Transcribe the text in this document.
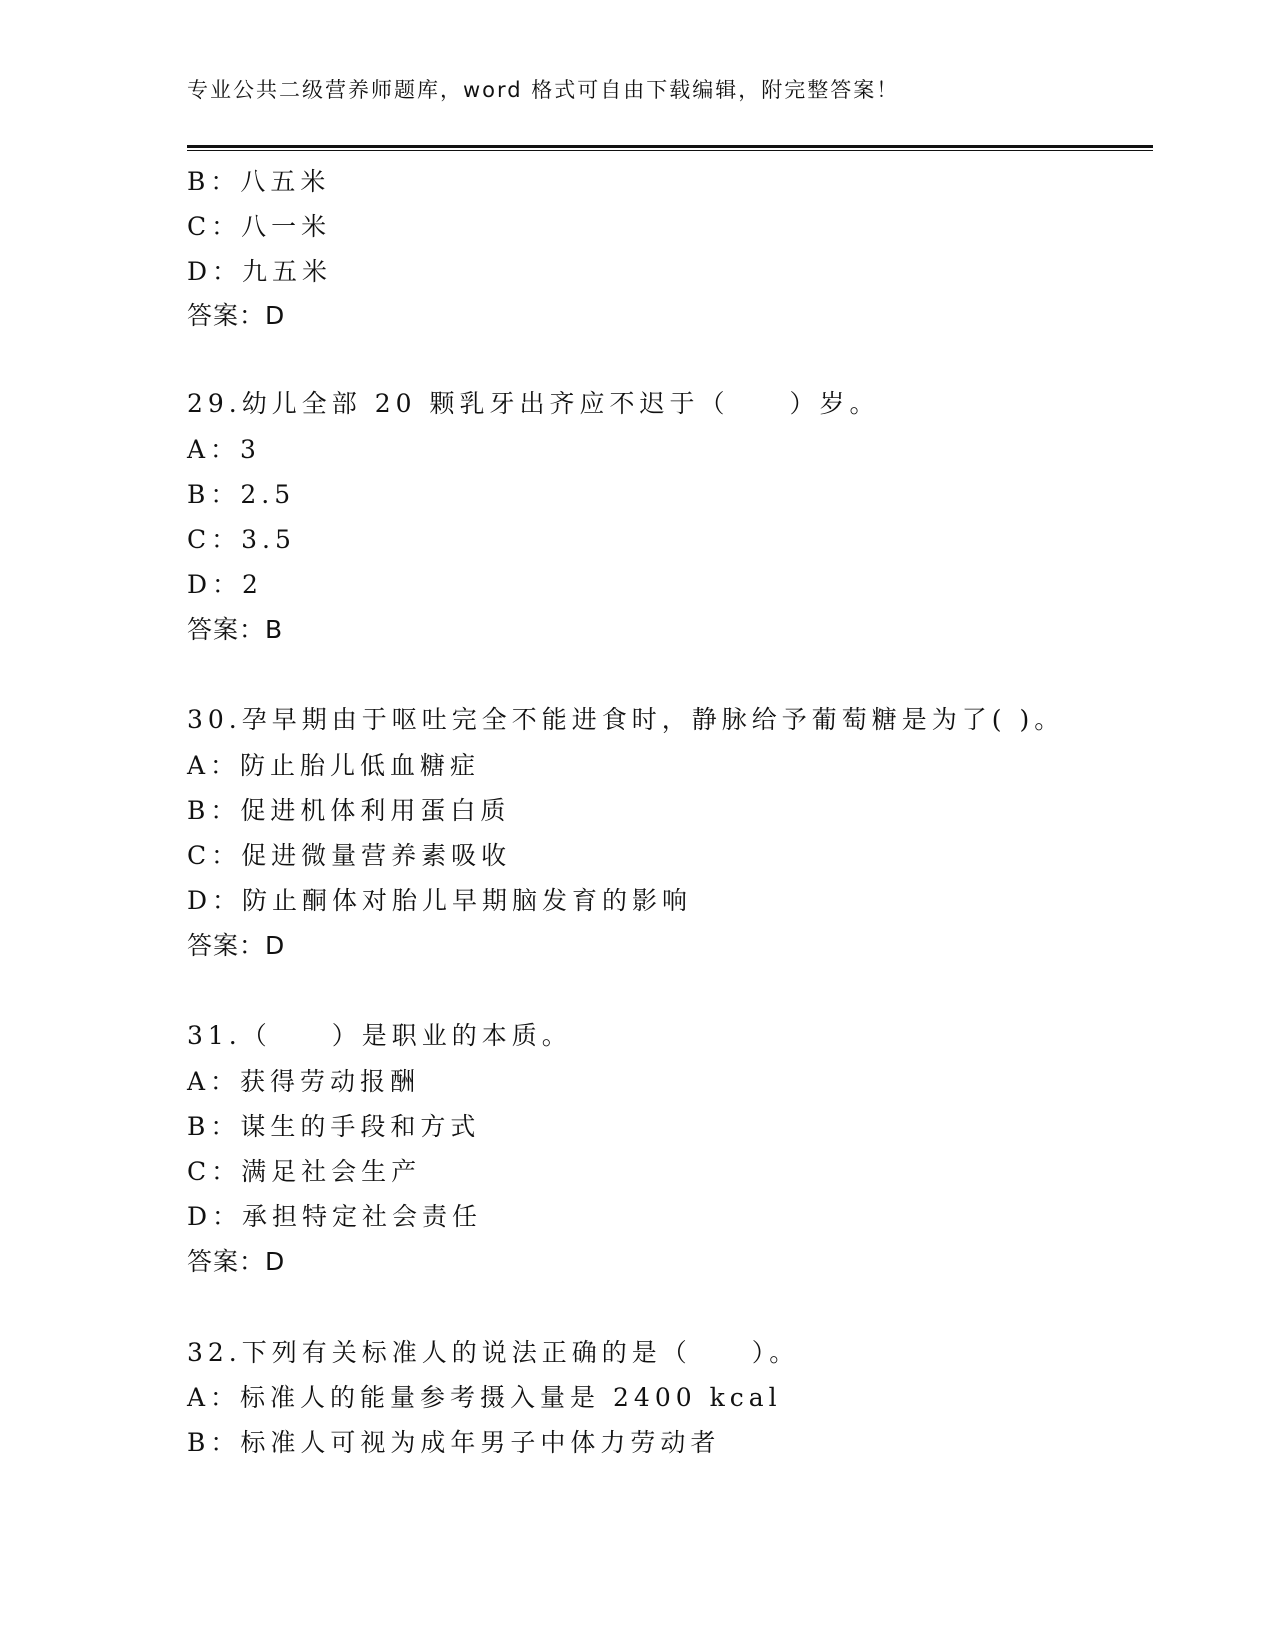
专业公共二级营养师题库，word 格式可自由下载编辑，附完整答案！
B：八五米
C：八一米
D：九五米
答案：D
29.幼儿全部 20 颗乳牙出齐应不迟于（　　）岁。
A：3
B：2.5
C：3.5
D：2
答案：B
30.孕早期由于呕吐完全不能进食时，静脉给予葡萄糖是为了( )。
A：防止胎儿低血糖症
B：促进机体利用蛋白质
C：促进微量营养素吸收
D：防止酮体对胎儿早期脑发育的影响
答案：D
31.（　　）是职业的本质。
A：获得劳动报酬
B：谋生的手段和方式
C：满足社会生产
D：承担特定社会责任
答案：D
32.下列有关标准人的说法正确的是（　　）。
A：标准人的能量参考摄入量是 2400 kcal
B：标准人可视为成年男子中体力劳动者
